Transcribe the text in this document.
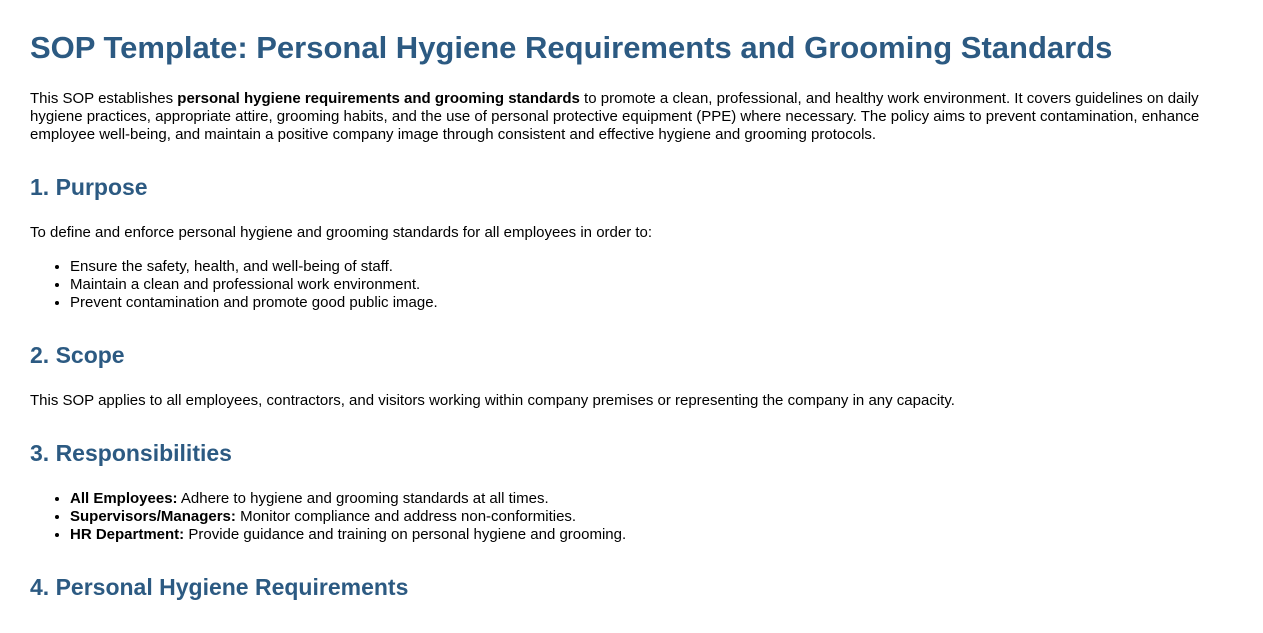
SOP Template: Personal Hygiene Requirements and Grooming Standards

This SOP establishes personal hygiene requirements and grooming standards to promote a clean, professional, and healthy work environment. It covers guidelines on daily hygiene practices, appropriate attire, grooming habits, and the use of personal protective equipment (PPE) where necessary. The policy aims to prevent contamination, enhance employee well-being, and maintain a positive company image through consistent and effective hygiene and grooming protocols.

1. Purpose

To define and enforce personal hygiene and grooming standards for all employees in order to:

• Ensure the safety, health, and well-being of staff.
• Maintain a clean and professional work environment.
• Prevent contamination and promote good public image.
2. Scope

This SOP applies to all employees, contractors, and visitors working within company premises or representing the company in any capacity.

3. Responsibilities
• All Employees: Adhere to hygiene and grooming standards at all times.
• Supervisors/Managers: Monitor compliance and address non-conformities.
• HR Department: Provide guidance and training on personal hygiene and grooming.
4. Personal Hygiene Requirements
